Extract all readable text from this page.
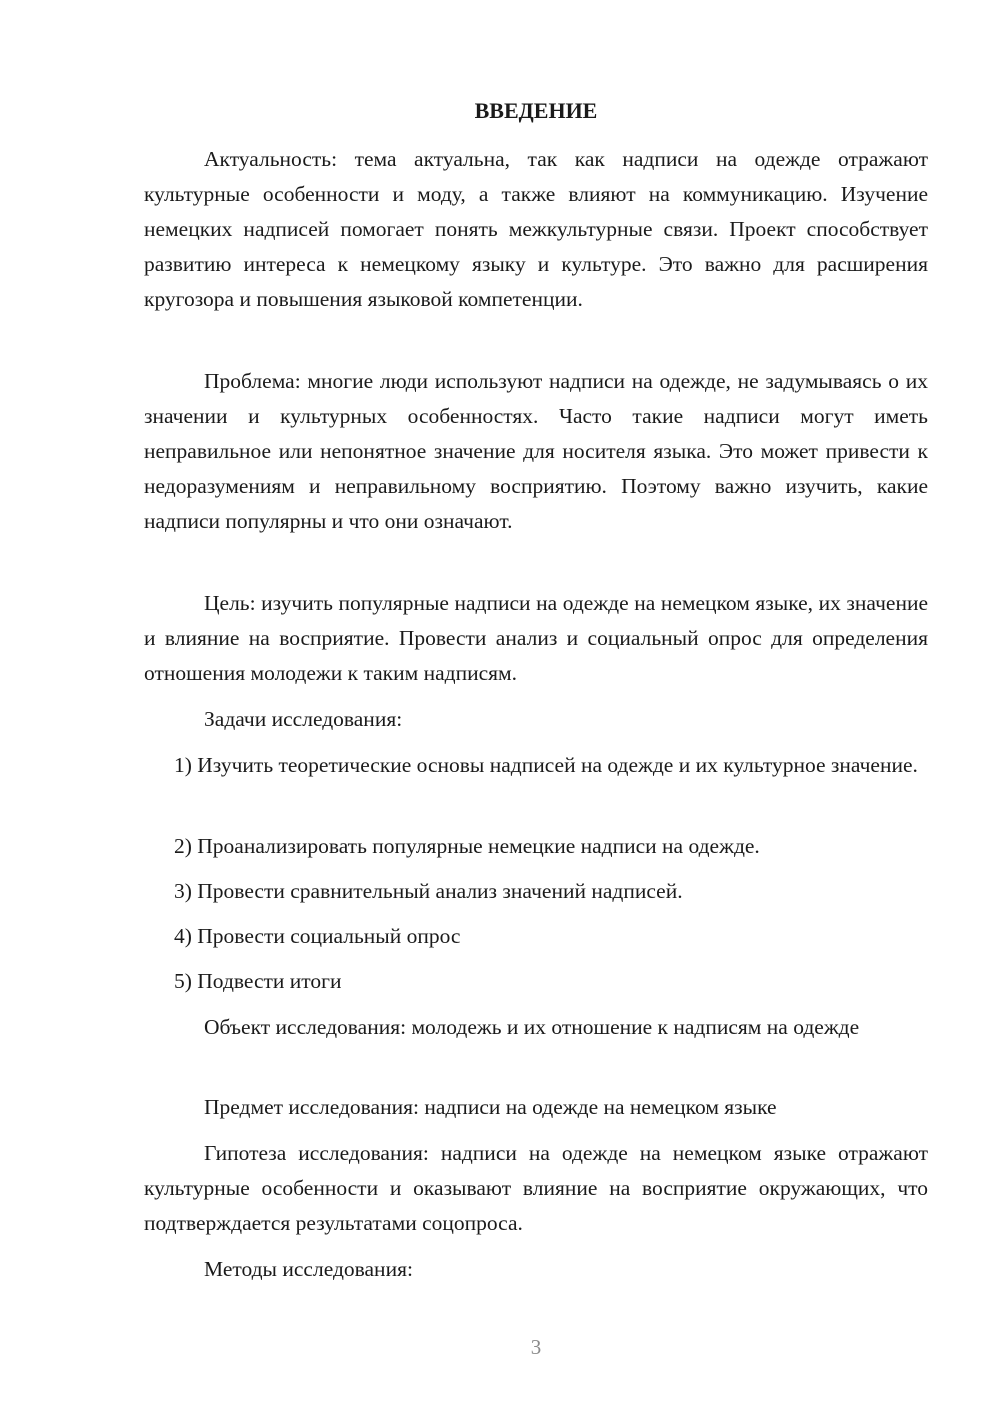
ВВЕДЕНИЕ

Актуальность: тема актуальна, так как надписи на одежде отражают культурные особенности и моду, а также влияют на коммуникацию. Изучение немецких надписей помогает понять межкультурные связи. Проект способствует развитию интереса к немецкому языку и культуре. Это важно для расширения кругозора и повышения языковой компетенции.

Проблема: многие люди используют надписи на одежде, не задумываясь о их значении и культурных особенностях. Часто такие надписи могут иметь неправильное или непонятное значение для носителя языка. Это может привести к недоразумениям и неправильному восприятию. Поэтому важно изучить, какие надписи популярны и что они означают.

Цель: изучить популярные надписи на одежде на немецком языке, их значение и влияние на восприятие. Провести анализ и социальный опрос для определения отношения молодежи к таким надписям.

Задачи исследования:

1) Изучить теоретические основы надписей на одежде и их культурное значение.

2) Проанализировать популярные немецкие надписи на одежде.

3) Провести сравнительный анализ значений надписей.

4) Провести социальный опрос

5) Подвести итоги

Объект исследования: молодежь и их отношение к надписям на одежде

Предмет исследования: надписи на одежде на немецком языке

Гипотеза исследования: надписи на одежде на немецком языке отражают культурные особенности и оказывают влияние на восприятие окружающих, что подтверждается результатами соцопроса.

Методы исследования:

3
